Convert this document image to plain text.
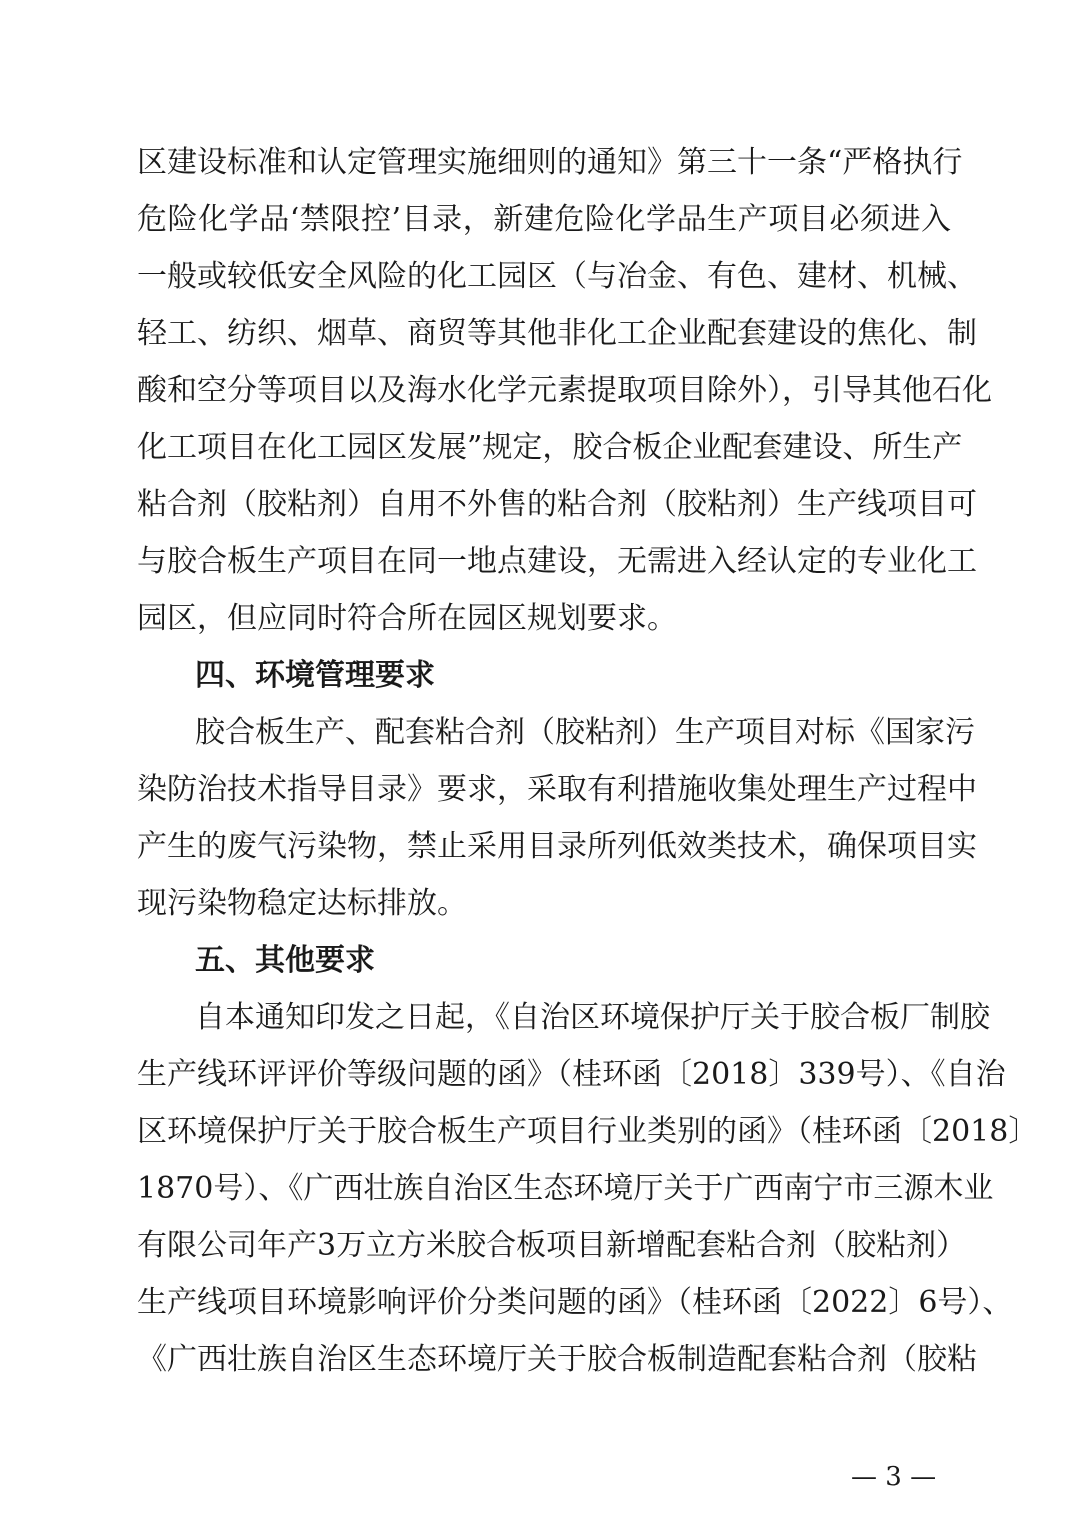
区建设标准和认定管理实施细则的通知》第三十一条“严格执行
危险化学品‘禁限控’目录，新建危险化学品生产项目必须进入
一般或较低安全风险的化工园区（与冶金、有色、建材、机械、
轻工、纺织、烟草、商贸等其他非化工企业配套建设的焦化、制
酸和空分等项目以及海水化学元素提取项目除外），引导其他石化
化工项目在化工园区发展”规定，胶合板企业配套建设、所生产
粘合剂（胶粘剂）自用不外售的粘合剂（胶粘剂）生产线项目可
与胶合板生产项目在同一地点建设，无需进入经认定的专业化工
园区，但应同时符合所在园区规划要求。
四、环境管理要求
胶合板生产、配套粘合剂（胶粘剂）生产项目对标《国家污
染防治技术指导目录》要求，采取有利措施收集处理生产过程中
产生的废气污染物，禁止采用目录所列低效类技术，确保项目实
现污染物稳定达标排放。
五、其他要求
自本通知印发之日起，《自治区环境保护厅关于胶合板厂制胶
生产线环评评价等级问题的函》（桂环函〔2018〕339号）、《自治
区环境保护厅关于胶合板生产项目行业类别的函》（桂环函〔2018〕
1870号）、《广西壮族自治区生态环境厅关于广西南宁市三源木业
有限公司年产3万立方米胶合板项目新增配套粘合剂（胶粘剂）
生产线项目环境影响评价分类问题的函》（桂环函〔2022〕6号）、
《广西壮族自治区生态环境厅关于胶合板制造配套粘合剂（胶粘
— 3 —
